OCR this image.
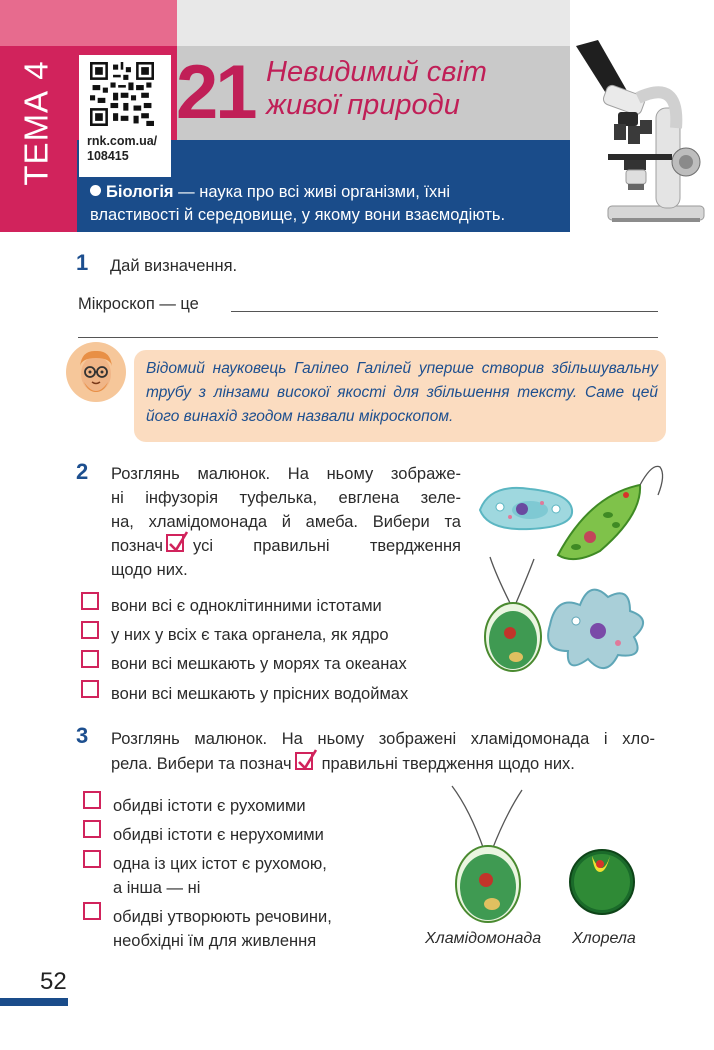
ТЕМА 4	rnk.com.ua/
108415
21 Невидимий світ
живої природи
Біологія — наука про всі живі організми, їхні
властивості й середовище, у якому вони взаємодіють.
1 Дай визначення.
Мікроскоп — це
Відомий науковець Галілео Галілей уперше створив збільшувальну трубу з лінзами високої якості для збільшення тексту. Саме цей його винахід згодом назвали мікроскопом.
2 Розглянь малюнок. На ньому зображе-
ні інфузорія туфелька, евглена зеле-
на, хламідомонада й амеба. Вибери та
познач усі правильні твердження
щодо них.
вони всі є одноклітинними істотами
у них у всіх є така органела, як ядро
вони всі мешкають у морях та океанах
вони всі мешкають у прісних водоймах
3 Розглянь малюнок. На ньому зображені хламідомонада і хло-
рела. Вибери та познач правильні твердження щодо них.
обидві істоти є рухомими
обидві істоти є нерухомими
одна із цих істот є рухомою,
а інша — ні
обидві утворюють речовини,
необхідні їм для живлення	Хламідомонада Хлорела
52
